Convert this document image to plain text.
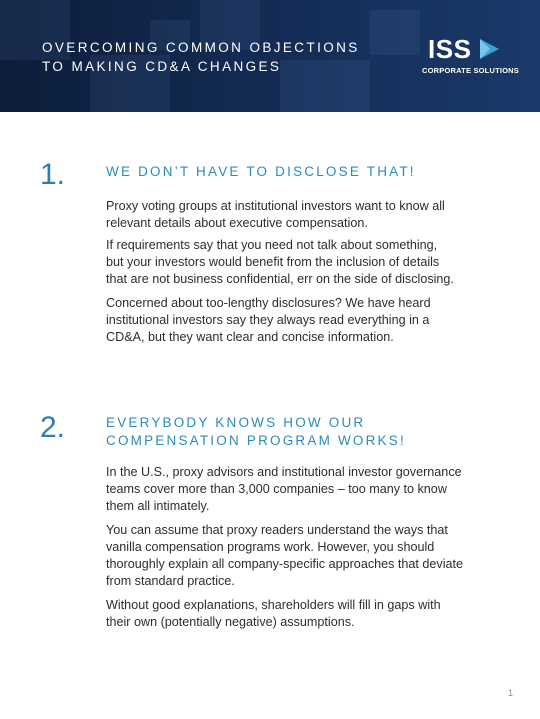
OVERCOMING COMMON OBJECTIONS
TO MAKING CD&A CHANGES
ISS
CORPORATE SOLUTIONS
1.	WE DON’T HAVE TO DISCLOSE THAT!
Proxy voting groups at institutional investors want to know all
relevant details about executive compensation.
If requirements say that you need not talk about something,
but your investors would benefit from the inclusion of details
that are not business confidential, err on the side of disclosing.
Concerned about too-lengthy disclosures? We have heard
institutional investors say they always read everything in a
CD&A, but they want clear and concise information.
2.	EVERYBODY KNOWS HOW OUR
COMPENSATION PROGRAM WORKS!
In the U.S., proxy advisors and institutional investor governance
teams cover more than 3,000 companies – too many to know
them all intimately.
You can assume that proxy readers understand the ways that
vanilla compensation programs work. However, you should
thoroughly explain all company-specific approaches that deviate
from standard practice.
Without good explanations, shareholders will fill in gaps with
their own (potentially negative) assumptions.
1
